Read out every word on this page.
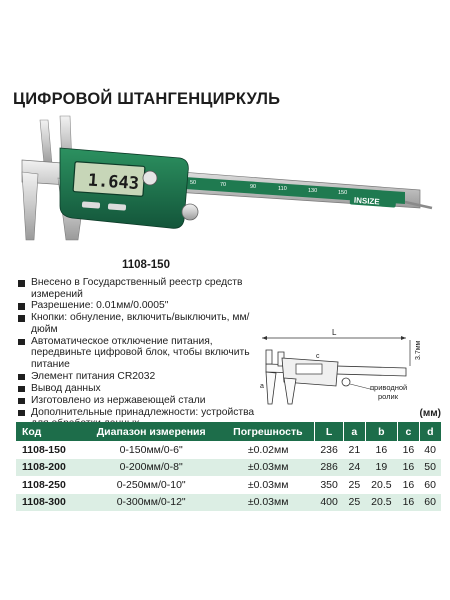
ЦИФРОВОЙ ШТАНГЕНЦИРКУЛЬ
50	70	90	110	130	150
1.643
INSIZE
1108-150
Внесено в Государственный реестр средств измерений
Разрешение: 0.01мм/0.0005"
Кнопки: обнуление, включить/выключить, мм/дюйм
Автоматическое отключение питания, передвиньте цифровой блок, чтобы включить питание
Элемент питания CR2032
Вывод данных
Изготовлено из нержавеющей стали
Дополнительные принадлежности: устройства
L
3.7мм
a
c
приводной
ролик
(мм)
Код	Диапазон измерения	Погрешность	L	a	b	c	d
1108-150	0-150мм/0-6"	±0.02мм	236	21	16	16	40
1108-200	0-200мм/0-8"	±0.03мм	286	24	19	16	50
1108-250	0-250мм/0-10"	±0.03мм	350	25	20.5	16	60
1108-300	0-300мм/0-12"	±0.03мм	400	25	20.5	16	60
